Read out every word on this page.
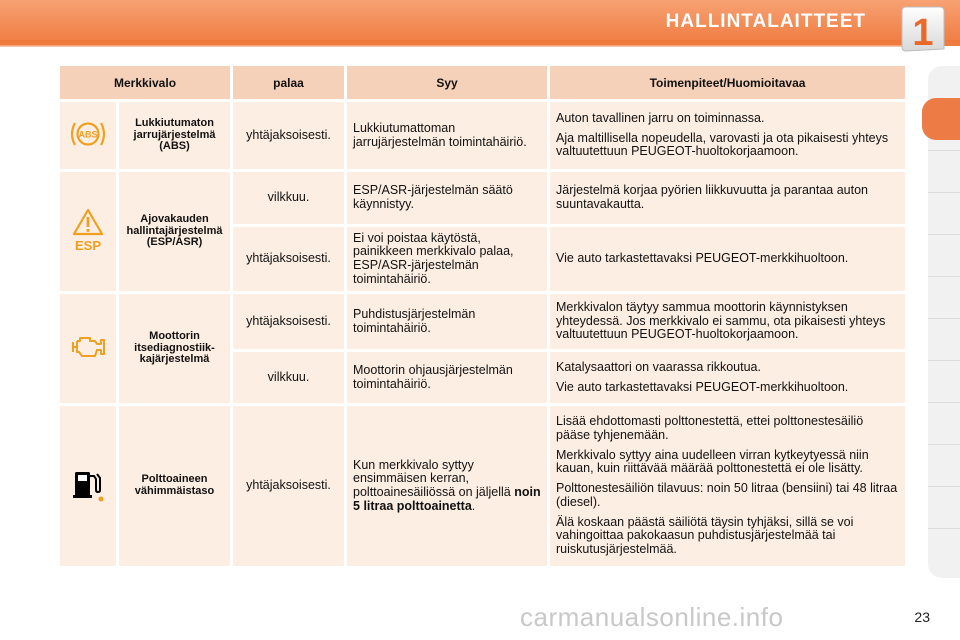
HALLINTALAITTEET 1
Merkkivalo		palaa	Syy	Toimenpiteet/Huomioitavaa

ABS	Lukkiutumaton jarrujärjestelmä (ABS)	yhtäjaksoisesti.	Lukkiutumattoman jarrujärjestelmän toimintahäiriö.	Auton tavallinen jarru on toiminnassa.

Aja maltillisella nopeudella, varovasti ja ota pikaisesti yhteys valtuutettuun PEUGEOT-huoltokorjaamoon.

ESP	Ajovakauden hallintajärjestelmä (ESP/ASR)	vilkkuu.	ESP/ASR-järjestelmän säätö käynnistyy.	Järjestelmä korjaa pyörien liikkuvuutta ja parantaa auton suuntavakautta.

		yhtäjaksoisesti.	Ei voi poistaa käytöstä, painikkeen merkkivalo palaa, ESP/ASR-järjestelmän toimintahäiriö.	Vie auto tarkastettavaksi PEUGEOT-merkkihuoltoon.

	Moottorin itsediagnostiik-kajärjestelmä	yhtäjaksoisesti.	Puhdistusjärjestelmän toimintahäiriö.	Merkkivalon täytyy sammua moottorin käynnistyksen yhteydessä. Jos merkkivalo ei sammu, ota pikaisesti yhteys valtuutettuun PEUGEOT-huoltokorjaamoon.

		vilkkuu.	Moottorin ohjausjärjestelmän toimintahäiriö.	Katalysaattori on vaarassa rikkoutua.

Vie auto tarkastettavaksi PEUGEOT-merkkihuoltoon.

	Polttoaineen vähimmäistaso	yhtäjaksoisesti.	Kun merkkivalo syttyy ensimmäisen kerran, polttoainesäiliössä on jäljellä noin 5 litraa polttoainetta.	Lisää ehdottomasti polttonestettä, ettei polttonestesäiliö pääse tyhjenemään.

Merkkivalo syttyy aina uudelleen virran kytkeytyessä niin kauan, kuin riittävää määrää polttonestettä ei ole lisätty.

Polttonestesäiliön tilavuus: noin 50 litraa (bensiini) tai 48 litraa (diesel).

Älä koskaan päästä säiliötä täysin tyhjäksi, sillä se voi vahingoittaa pakokaasun puhdistusjärjestelmää tai ruiskutusjärjestelmää.

23
carmanualsonline.info
